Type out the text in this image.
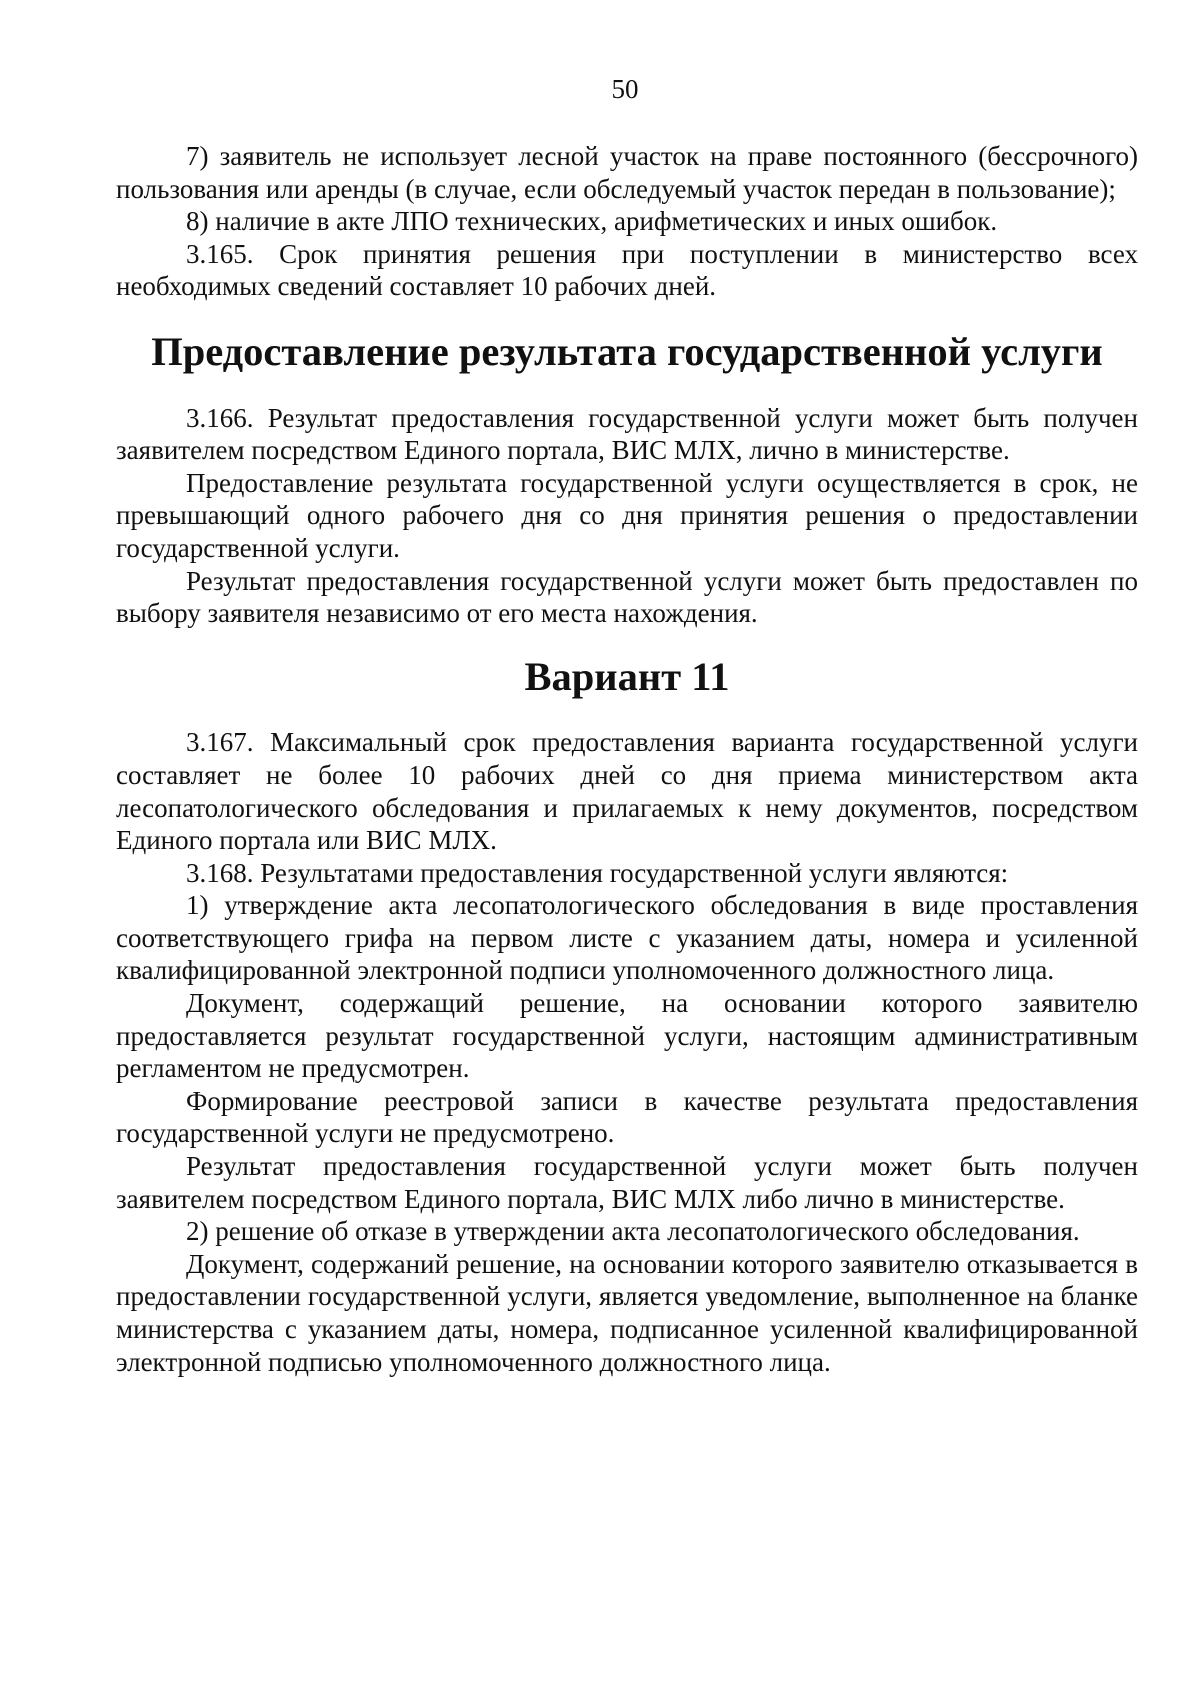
50

7) заявитель не использует лесной участок на праве постоянного (бессрочного) пользования или аренды (в случае, если обследуемый участок передан в пользование);

8) наличие в акте ЛПО технических, арифметических и иных ошибок.

3.165. Срок принятия решения при поступлении в министерство всех необходимых сведений составляет 10 рабочих дней.

Предоставление результата государственной услуги

3.166. Результат предоставления государственной услуги может быть получен заявителем посредством Единого портала, ВИС МЛХ, лично в министерстве.

Предоставление результата государственной услуги осуществляется в срок, не превышающий одного рабочего дня со дня принятия решения о предоставлении государственной услуги.

Результат предоставления государственной услуги может быть предоставлен по выбору заявителя независимо от его места нахождения.

Вариант 11

3.167. Максимальный срок предоставления варианта государственной услуги составляет не более 10 рабочих дней со дня приема министерством акта лесопатологического обследования и прилагаемых к нему документов, посредством Единого портала или ВИС МЛХ.

3.168. Результатами предоставления государственной услуги являются:

1) утверждение акта лесопатологического обследования в виде проставления соответствующего грифа на первом листе с указанием даты, номера и усиленной квалифицированной электронной подписи уполномоченного должностного лица.

Документ, содержащий решение, на основании которого заявителю предоставляется результат государственной услуги, настоящим административным регламентом не предусмотрен.

Формирование реестровой записи в качестве результата предоставления государственной услуги не предусмотрено.

Результат предоставления государственной услуги может быть получен заявителем посредством Единого портала, ВИС МЛХ либо лично в министерстве.

2) решение об отказе в утверждении акта лесопатологического обследования.

Документ, содержаний решение, на основании которого заявителю отказывается в предоставлении государственной услуги, является уведомление, выполненное на бланке министерства с указанием даты, номера, подписанное усиленной квалифицированной электронной подписью уполномоченного должностного лица.
